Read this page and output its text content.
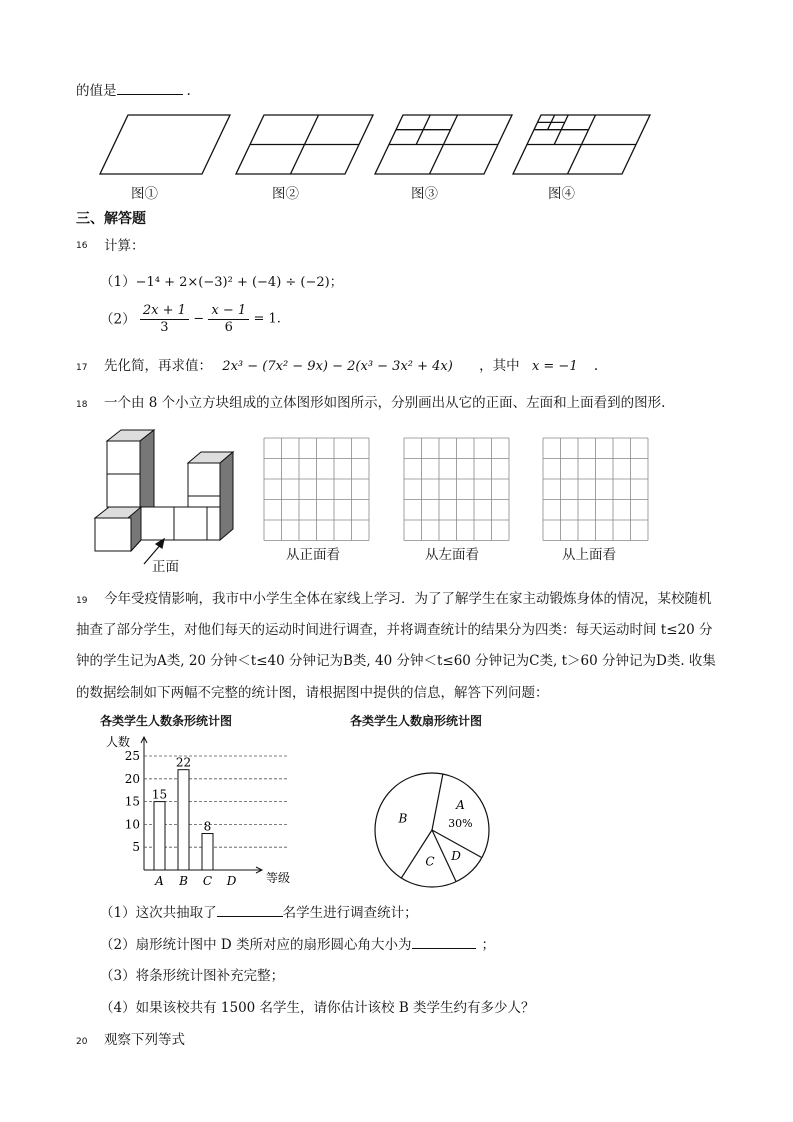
的值是	.
图①	图②	图③	图④
三、解答题
16 计算：
（1）−1⁴ + 2×(−3)² + (−4) ÷ (−2)；
$(2) \frac{2x + 1}{3} - \frac{x - 1}{6} = 1$.
17 先化简，再求值： 2x³ − (7x² − 9x) − 2(x³ − 3x² + 4x) ，其中 x = −1 .
18 一个由 8 个小立方块组成的立体图形如图所示，分别画出从它的正面、左面和上面看到的图形.
正面
从正面看	从左面看	从上面看
19 今年受疫情影响，我市中小学生全体在家线上学习．为了了解学生在家主动锻炼身体的情况，某校随机
抽查了部分学生，对他们每天的运动时间进行调查，并将调查统计的结果分为四类：每天运动时间 t≤20 分
钟的学生记为A类, 20 分钟＜t≤40 分钟记为B类, 40 分钟＜t≤60 分钟记为C类, t＞60 分钟记为D类. 收集
的数据绘制如下两幅不完整的统计图，请根据图中提供的信息，解答下列问题：
各类学生人数条形统计图	各类学生人数扇形统计图
15
22
8
5
10
15
20
25
A B C D
人数
等级
A
30%
D
C
B
（1）这次共抽取了	名学生进行调查统计；
（2）扇形统计图中 D 类所对应的扇形圆心角大小为	；
（3）将条形统计图补充完整；
（4）如果该校共有 1500 名学生，请你估计该校 B 类学生约有多少人？
20 观察下列等式
